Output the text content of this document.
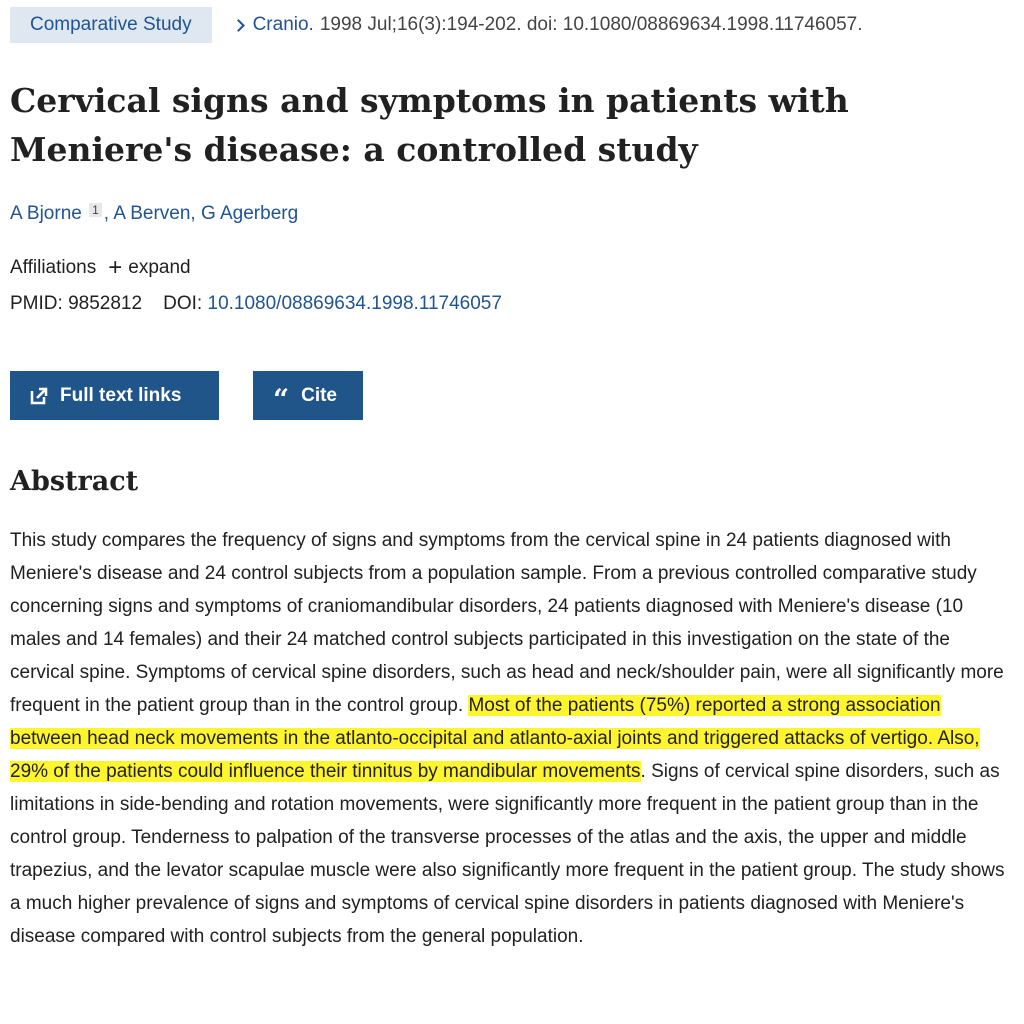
Comparative Study	Cranio. 1998 Jul;16(3):194-202. doi: 10.1080/08869634.1998.11746057.
Cervical signs and symptoms in patients with Meniere's disease: a controlled study
A Bjorne 1 , A Berven, G Agerberg
Affiliations + expand
PMID: 9852812 DOI: 10.1080/08869634.1998.11746057
Full text links	“ Cite
Abstract

This study compares the frequency of signs and symptoms from the cervical spine in 24 patients diagnosed with Meniere's disease and 24 control subjects from a population sample. From a previous controlled comparative study concerning signs and symptoms of craniomandibular disorders, 24 patients diagnosed with Meniere's disease (10 males and 14 females) and their 24 matched control subjects participated in this investigation on the state of the cervical spine. Symptoms of cervical spine disorders, such as head and neck/shoulder pain, were all significantly more frequent in the patient group than in the control group. Most of the patients (75%) reported a strong association between head neck movements in the atlanto-occipital and atlanto-axial joints and triggered attacks of vertigo. Also, 29% of the patients could influence their tinnitus by mandibular movements. Signs of cervical spine disorders, such as limitations in side-bending and rotation movements, were significantly more frequent in the patient group than in the control group. Tenderness to palpation of the transverse processes of the atlas and the axis, the upper and middle trapezius, and the levator scapulae muscle were also significantly more frequent in the patient group. The study shows a much higher prevalence of signs and symptoms of cervical spine disorders in patients diagnosed with Meniere's disease compared with control subjects from the general population.
